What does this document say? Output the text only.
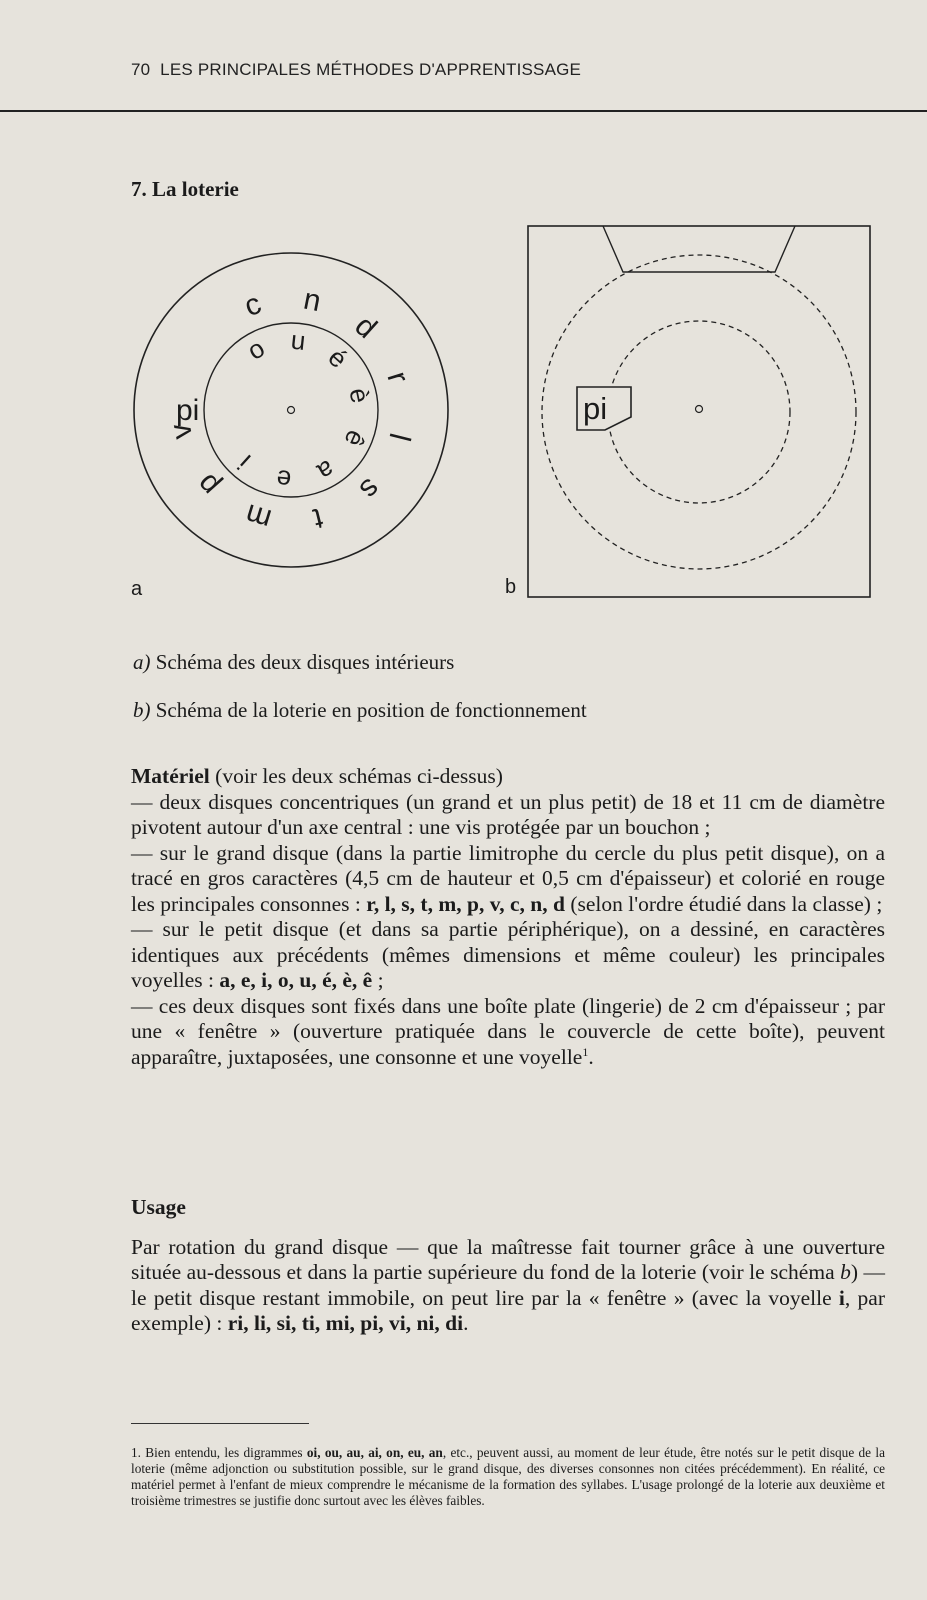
70 LES PRINCIPALES MÉTHODES D'APPRENTISSAGE
7. La loterie
c n
d
r
l
s
t
m
p
v
o u
é
è
ê
a
e
i
pi
a
pi
b
a) Schéma des deux disques intérieurs
b) Schéma de la loterie en position de fonctionnement

Matériel (voir les deux schémas ci-dessus)

— deux disques concentriques (un grand et un plus petit) de 18 et 11 cm de diamètre pivotent autour d'un axe central : une vis protégée par un bouchon ;

— sur le grand disque (dans la partie limitrophe du cercle du plus petit disque), on a tracé en gros caractères (4,5 cm de hauteur et 0,5 cm d'épaisseur) et colorié en rouge les principales consonnes : r, l, s, t, m, p, v, c, n, d (selon l'ordre étudié dans la classe) ;

— sur le petit disque (et dans sa partie périphérique), on a dessiné, en caractères identiques aux précédents (mêmes dimensions et même couleur) les principales voyelles : a, e, i, o, u, é, è, ê ;

— ces deux disques sont fixés dans une boîte plate (lingerie) de 2 cm d'épaisseur ; par une « fenêtre » (ouverture pratiquée dans le couvercle de cette boîte), peuvent apparaître, juxtaposées, une consonne et une voyelle$^1$.

Usage

Par rotation du grand disque — que la maîtresse fait tourner grâce à une ouverture située au-dessous et dans la partie supérieure du fond de la loterie (voir le schéma b) — le petit disque restant immobile, on peut lire par la « fenêtre » (avec la voyelle i, par exemple) : ri, li, si, ti, mi, pi, vi, ni, di.

1. Bien entendu, les digrammes oi, ou, au, ai, on, eu, an, etc., peuvent aussi, au moment de leur étude, être notés sur le petit disque de la loterie (même adjonction ou substitution possible, sur le grand disque, des diverses consonnes non citées précédemment). En réalité, ce matériel permet à l'enfant de mieux comprendre le mécanisme de la formation des syllabes. L'usage prolongé de la loterie aux deuxième et troisième trimestres se justifie donc surtout avec les élèves faibles.
